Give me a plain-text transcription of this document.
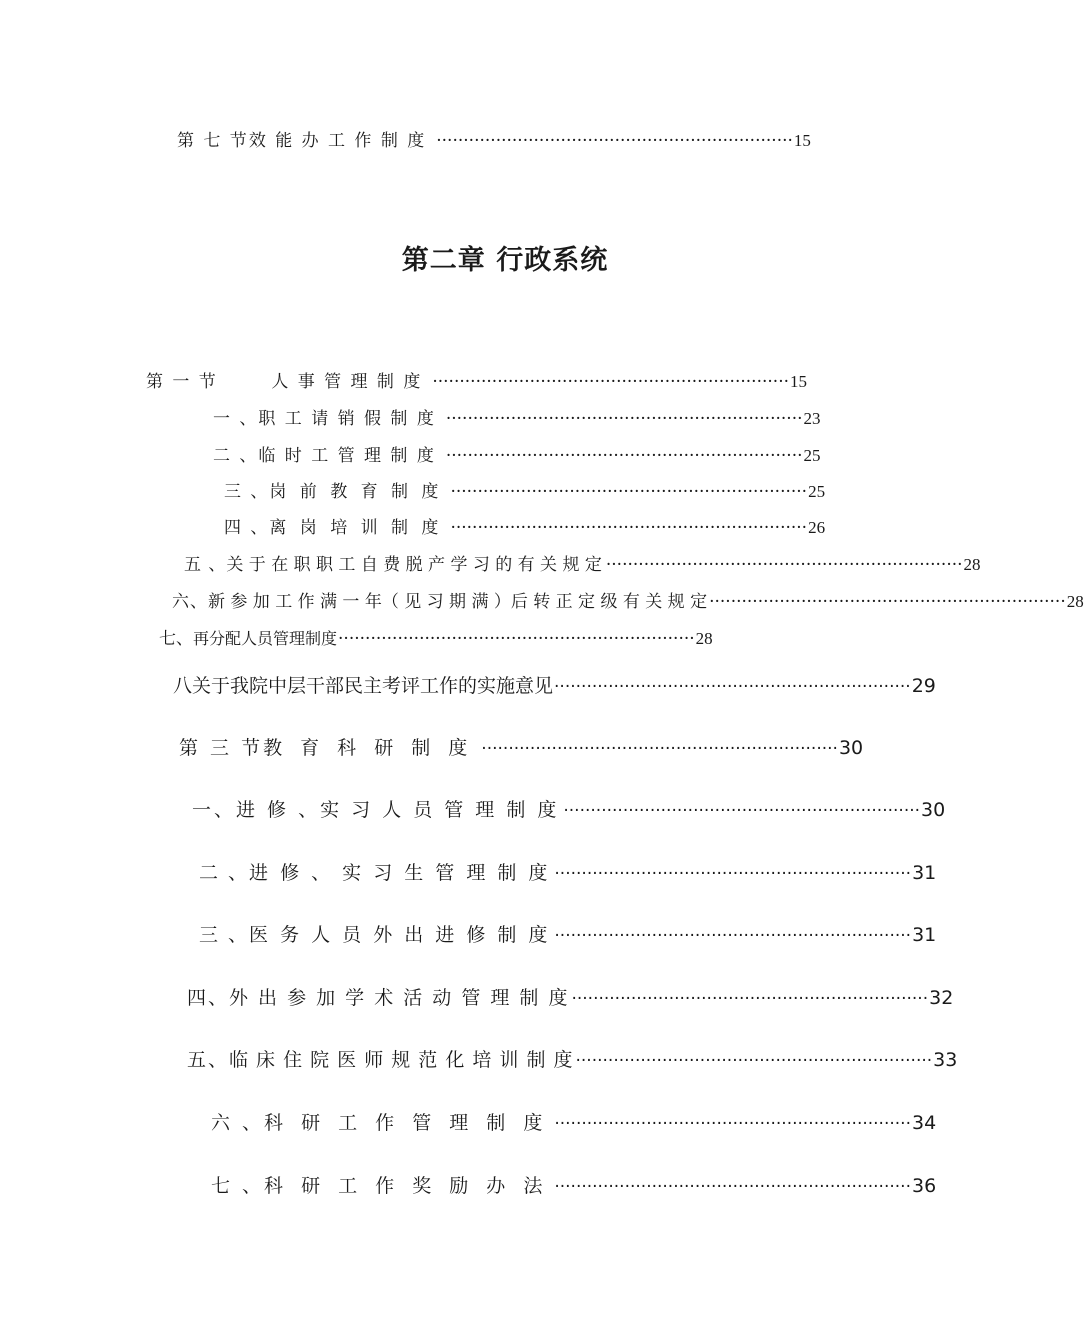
第 七 节 效 能 办 工 作 制 度 ·································································· 15
第二章 行政系统
第 一 节	人 事 管 理 制 度 ·································································· 15
一 、 职 工 请 销 假 制 度 ·································································· 23
二 、 临 时 工 管 理 制 度 ·································································· 25
三 、 岗 前 教 育 制 度 ·································································· 25
四 、 离 岗 培 训 制 度 ·································································· 26
五 、 关 于 在 职 职 工 自 费 脱 产 学 习 的 有 关 规 定 ·································································· 28
六、 新 参 加 工 作 满 一 年（ 见 习 期 满 ）后 转 正 定 级 有 关 规 定 ·································································· 28
七、 再分配人员管理制度 ·································································· 28
八 关于我院中层干部民主考评工作的实施意见 ·································································· 29
第 三 节 教 育 科 研 制 度 ·································································· 30
一、 进 修 、实 习 人 员 管 理 制 度 ·································································· 30
二 、 进 修 、 实 习 生 管 理 制 度 ·································································· 31
三 、 医 务 人 员 外 出 进 修 制 度 ·································································· 31
四、 外 出 参 加 学 术 活 动 管 理 制 度 ·································································· 32
五、 临 床 住 院 医 师 规 范 化 培 训 制 度 ·································································· 33
六 、 科 研 工 作 管 理 制 度 ·································································· 34
七 、 科 研 工 作 奖 励 办 法 ·································································· 36
